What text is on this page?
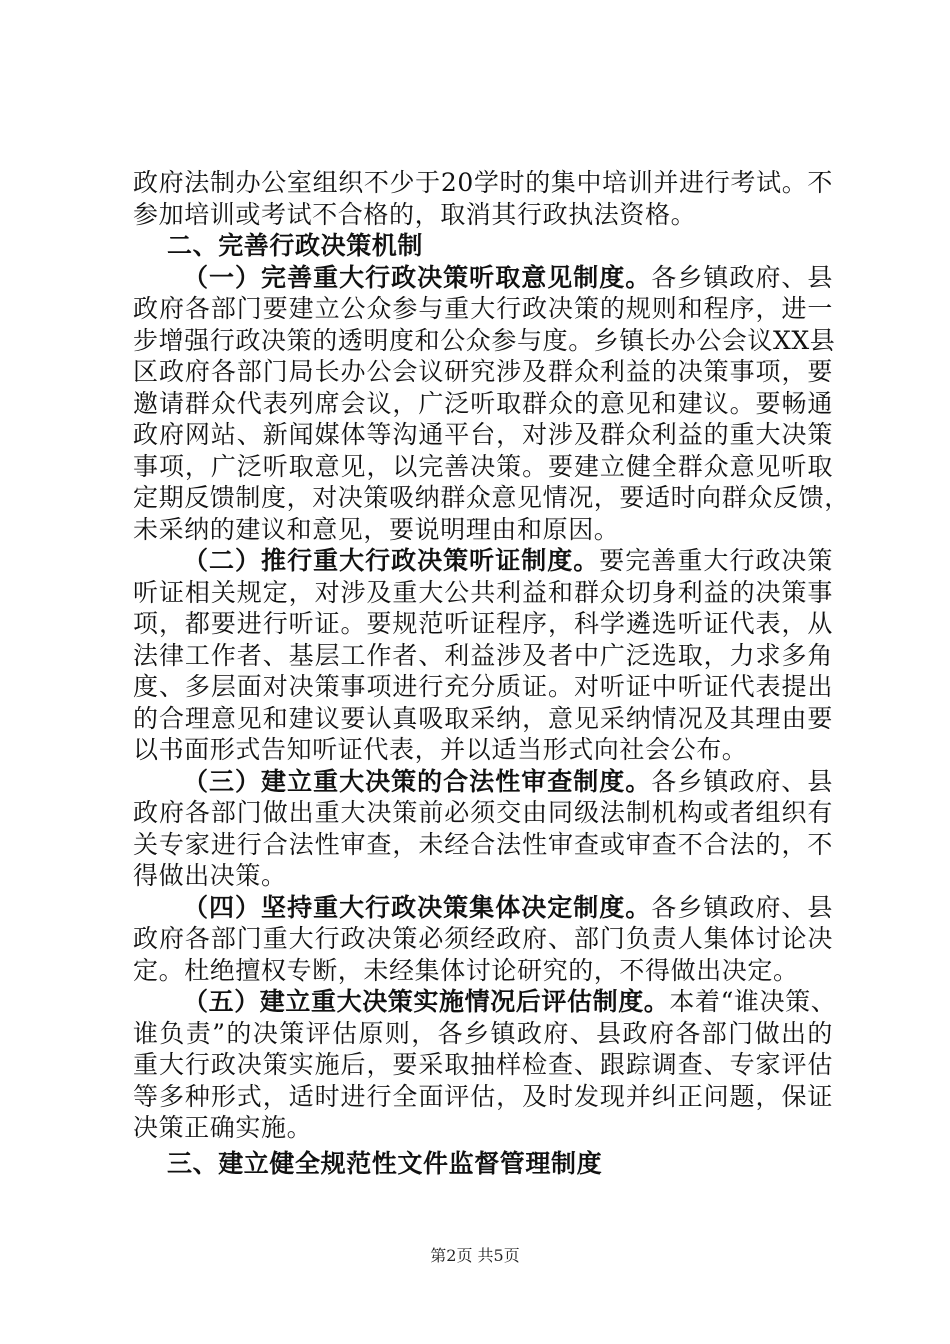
政府法制办公室组织不少于20学时的集中培训并进行考试。不
参加培训或考试不合格的，取消其行政执法资格。
二、完善行政决策机制
（一）完善重大行政决策听取意见制度。各乡镇政府、县
政府各部门要建立公众参与重大行政决策的规则和程序，进一
步增强行政决策的透明度和公众参与度。乡镇长办公会议XX县
区政府各部门局长办公会议研究涉及群众利益的决策事项，要
邀请群众代表列席会议，广泛听取群众的意见和建议。要畅通
政府网站、新闻媒体等沟通平台，对涉及群众利益的重大决策
事项，广泛听取意见，以完善决策。要建立健全群众意见听取
定期反馈制度，对决策吸纳群众意见情况，要适时向群众反馈，
未采纳的建议和意见，要说明理由和原因。
（二）推行重大行政决策听证制度。要完善重大行政决策
听证相关规定，对涉及重大公共利益和群众切身利益的决策事
项，都要进行听证。要规范听证程序，科学遴选听证代表，从
法律工作者、基层工作者、利益涉及者中广泛选取，力求多角
度、多层面对决策事项进行充分质证。对听证中听证代表提出
的合理意见和建议要认真吸取采纳，意见采纳情况及其理由要
以书面形式告知听证代表，并以适当形式向社会公布。
（三）建立重大决策的合法性审查制度。各乡镇政府、县
政府各部门做出重大决策前必须交由同级法制机构或者组织有
关专家进行合法性审查，未经合法性审查或审查不合法的，不
得做出决策。
（四）坚持重大行政决策集体决定制度。各乡镇政府、县
政府各部门重大行政决策必须经政府、部门负责人集体讨论决
定。杜绝擅权专断，未经集体讨论研究的，不得做出决定。
（五）建立重大决策实施情况后评估制度。本着“谁决策、
谁负责”的决策评估原则，各乡镇政府、县政府各部门做出的
重大行政决策实施后，要采取抽样检查、跟踪调查、专家评估
等多种形式，适时进行全面评估，及时发现并纠正问题，保证
决策正确实施。
三、建立健全规范性文件监督管理制度
第2页 共5页
